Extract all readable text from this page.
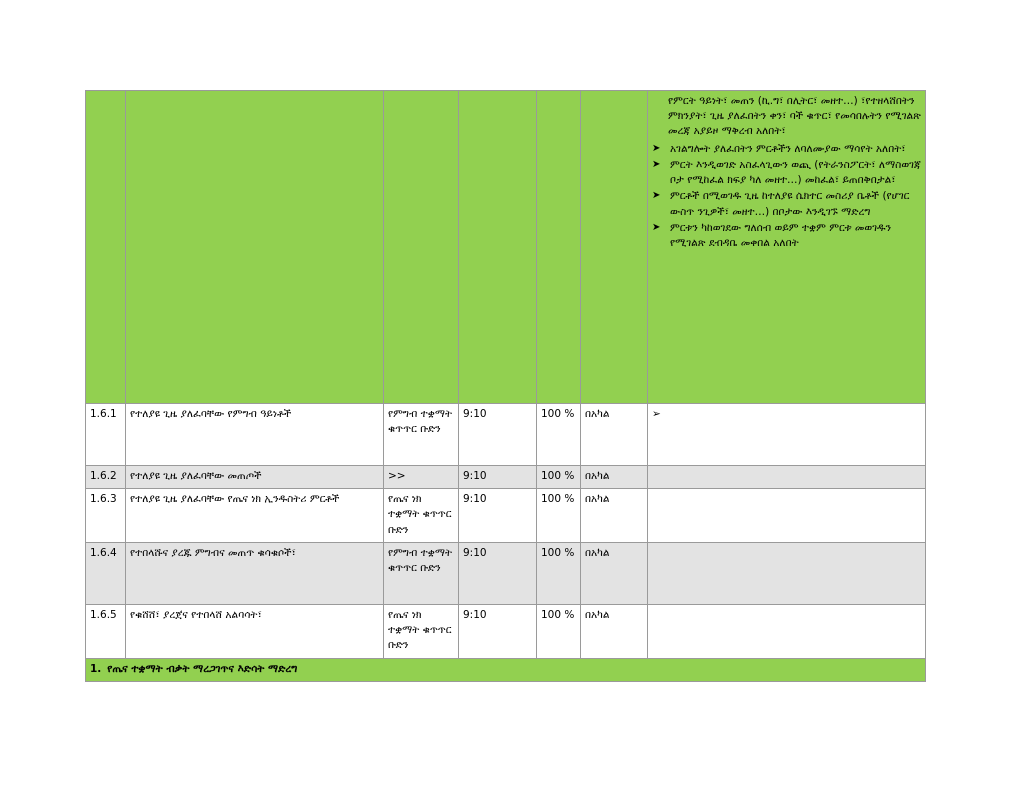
የምርት ዓይነት፣ መጠን (ኪ.ግ፣ በሊትር፣ መዘተ…) ፣የተዘላሸበትን ምክንያት፣ ጊዜ ያለፈበትን ቀን፣ ባች ቁጥር፣ የመሳበሉትን የሚገልጽ መረጃ አያይዞ ማቅረብ አለበት፣

➤ አገልግሎት ያለፈበትን ምርቶችን ለባለሙያው ማሳየት አለበት፣
➤ ምርት እንዲወገድ አስፈላጊውን ወጪ (የትራንስፖርት፣ ለማስወገጃ ቦታ የሚከፈል ክፍያ ካለ መዘተ…) መከፈል፣ ይጠበቅበታል፣
➤ ምርቶች በሚወገዱ ጊዜ ከተለያዩ ሴክተር መስሪያ ቤቶች (የሆገር ውስጥ ንጊዎች፣ መዘተ…) በቦታው እንዲገኙ ማድረግ
➤ ምርቱን ካከወገደው ግለሰብ ወይም ተቋም ምርቱ መወገዱን የሚገልጽ ደብዳቤ መቀበል አለበት

1.6.1	የተለያዩ ጊዜ ያለፈባቸው የምግብ ዓይነቶች	የምግብ ተቋማት ቁጥጥር ቡድን	9:10	100 %	በአካል	➢
1.6.2	የተለያዩ ጊዜ ያለፈባቸው መጠጦች	>>	9:10	100 %	በአካል	
1.6.3	የተለያዩ ጊዜ ያለፈባቸው የጤና ነክ ኢንዱስትሪ ምርቶች	የጤና ነክ ተቋማት ቁጥጥር ቡድን	9:10	100 %	በአካል	
1.6.4	የተበላሹና ያረጁ ምግብና መጠጥ ቁሳቁሶች፣	የምግብ ተቋማት ቁጥጥር ቡድን	9:10	100 %	በአካል	
1.6.5	የቁሸሸ፣ ያረጀና የተበላሸ አልባሳት፣	የጤና ነክ ተቋማት ቁጥጥር ቡድን	9:10	100 %	በአካል	
1. የጤና ተቋማት ብቃት ማረጋገጥና እድሳት ማድረግ						
